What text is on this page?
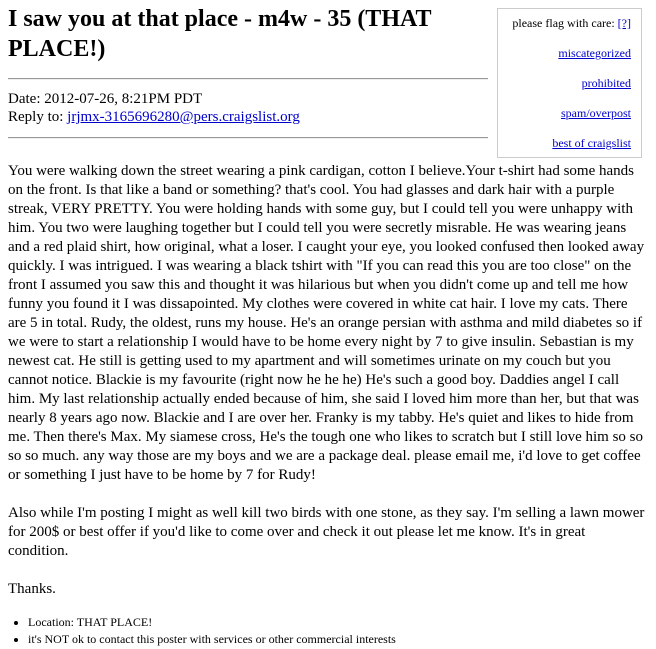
please flag with care: [?]
miscategorized
prohibited
spam/overpost
best of craigslist
I saw you at that place - m4w - 35 (THAT PLACE!)
Date: 2012-07-26, 8:21PM PDT
Reply to: jrjmx-3165696280@pers.craigslist.org

You were walking down the street wearing a pink cardigan, cotton I believe.Your t-shirt had some hands on the front. Is that like a band or something? that's cool. You had glasses and dark hair with a purple streak, VERY PRETTY. You were holding hands with some guy, but I could tell you were unhappy with him. You two were laughing together but I could tell you were secretly misrable. He was wearing jeans and a red plaid shirt, how original, what a loser. I caught your eye, you looked confused then looked away quickly. I was intrigued. I was wearing a black tshirt with "If you can read this you are too close" on the front I assumed you saw this and thought it was hilarious but when you didn't come up and tell me how funny you found it I was dissapointed. My clothes were covered in white cat hair. I love my cats. There are 5 in total. Rudy, the oldest, runs my house. He's an orange persian with asthma and mild diabetes so if we were to start a relationship I would have to be home every night by 7 to give insulin. Sebastian is my newest cat. He still is getting used to my apartment and will sometimes urinate on my couch but you cannot notice. Blackie is my favourite (right now he he he) He's such a good boy. Daddies angel I call him. My last relationship actually ended because of him, she said I loved him more than her, but that was nearly 8 years ago now. Blackie and I are over her. Franky is my tabby. He's quiet and likes to hide from me. Then there's Max. My siamese cross, He's the tough one who likes to scratch but I still love him so so so so much. any way those are my boys and we are a package deal. please email me, i'd love to get coffee or something I just have to be home by 7 for Rudy!

Also while I'm posting I might as well kill two birds with one stone, as they say. I'm selling a lawn mower for 200$ or best offer if you'd like to come over and check it out please let me know. It's in great condition.

Thanks.

• Location: THAT PLACE!
• it's NOT ok to contact this poster with services or other commercial interests
